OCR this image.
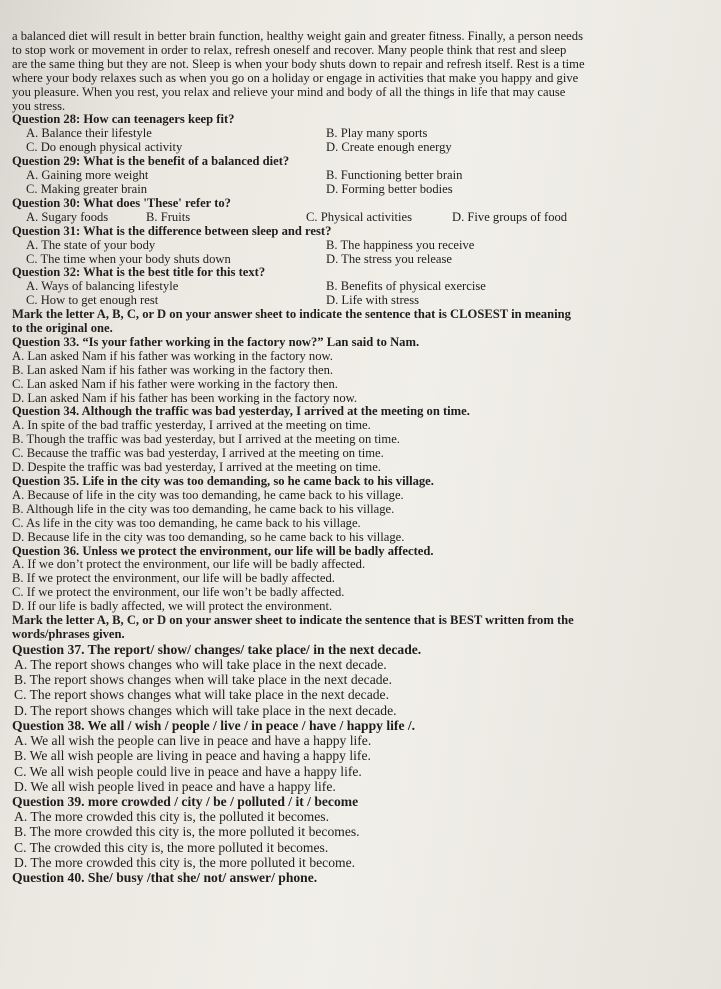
a balanced diet will result in better brain function, healthy weight gain and greater fitness. Finally, a person needs

to stop work or movement in order to relax, refresh oneself and recover. Many people think that rest and sleep

are the same thing but they are not. Sleep is when your body shuts down to repair and refresh itself. Rest is a time

where your body relaxes such as when you go on a holiday or engage in activities that make you happy and give

you pleasure. When you rest, you relax and relieve your mind and body of all the things in life that may cause

you stress.

Question 28: How can teenagers keep fit?

A. Balance their lifestyle	B. Play many sports
C. Do enough physical activity	D. Create enough energy

Question 29: What is the benefit of a balanced diet?

A. Gaining more weight	B. Functioning better brain
C. Making greater brain	D. Forming better bodies

Question 30: What does 'These' refer to?

A. Sugary foods	B. Fruits	C. Physical activities	D. Five groups of food

Question 31: What is the difference between sleep and rest?

A. The state of your body	B. The happiness you receive
C. The time when your body shuts down	D. The stress you release

Question 32: What is the best title for this text?

A. Ways of balancing lifestyle	B. Benefits of physical exercise
C. How to get enough rest	D. Life with stress

Mark the letter A, B, C, or D on your answer sheet to indicate the sentence that is CLOSEST in meaning

to the original one.

Question 33. “Is your father working in the factory now?” Lan said to Nam.

A. Lan asked Nam if his father was working in the factory now.

B. Lan asked Nam if his father was working in the factory then.

C. Lan asked Nam if his father were working in the factory then.

D. Lan asked Nam if his father has been working in the factory now.

Question 34. Although the traffic was bad yesterday, I arrived at the meeting on time.

A. In spite of the bad traffic yesterday, I arrived at the meeting on time.

B. Though the traffic was bad yesterday, but I arrived at the meeting on time.

C. Because the traffic was bad yesterday, I arrived at the meeting on time.

D. Despite the traffic was bad yesterday, I arrived at the meeting on time.

Question 35. Life in the city was too demanding, so he came back to his village.

A. Because of life in the city was too demanding, he came back to his village.

B. Although life in the city was too demanding, he came back to his village.

C. As life in the city was too demanding, he came back to his village.

D. Because life in the city was too demanding, so he came back to his village.

Question 36. Unless we protect the environment, our life will be badly affected.

A. If we don’t protect the environment, our life will be badly affected.

B. If we protect the environment, our life will be badly affected.

C. If we protect the environment, our life won’t be badly affected.

D. If our life is badly affected, we will protect the environment.

Mark the letter A, B, C, or D on your answer sheet to indicate the sentence that is BEST written from the

words/phrases given.

Question 37. The report/ show/ changes/ take place/ in the next decade.

A. The report shows changes who will take place in the next decade.

B. The report shows changes when will take place in the next decade.

C. The report shows changes what will take place in the next decade.

D. The report shows changes which will take place in the next decade.

Question 38. We all / wish / people / live / in peace / have / happy life /.

A. We all wish the people can live in peace and have a happy life.

B. We all wish people are living in peace and having a happy life.

C. We all wish people could live in peace and have a happy life.

D. We all wish people lived in peace and have a happy life.

Question 39. more crowded / city / be / polluted / it / become

A. The more crowded this city is, the polluted it becomes.

B. The more crowded this city is, the more polluted it becomes.

C. The crowded this city is, the more polluted it becomes.

D. The more crowded this city is, the more polluted it become.

Question 40. She/ busy /that she/ not/ answer/ phone.
